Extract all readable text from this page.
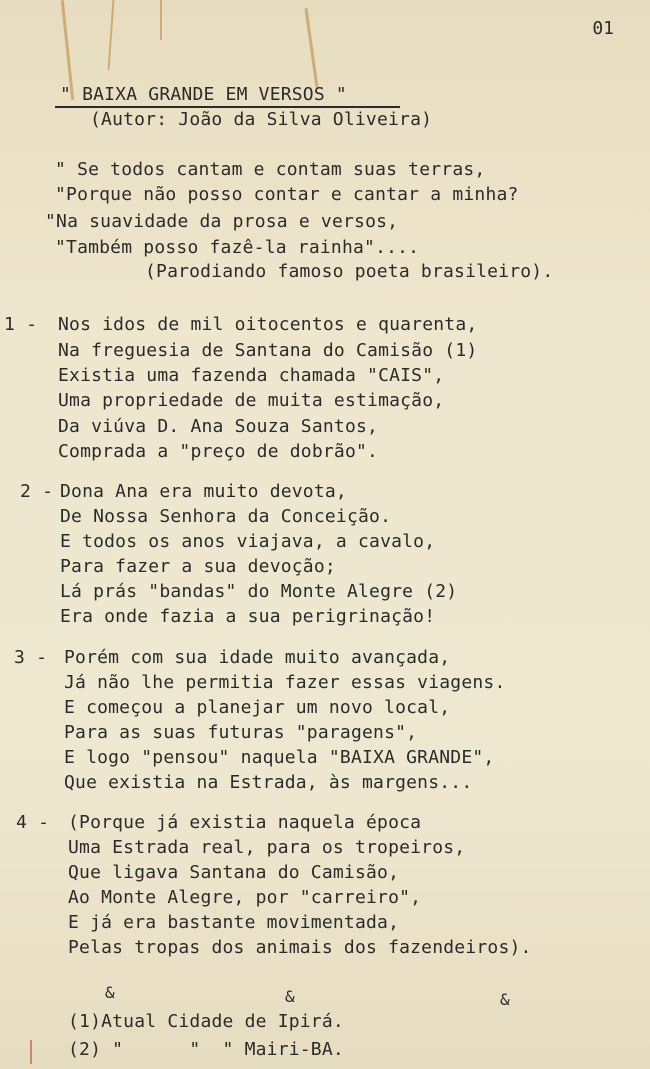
01
" BAIXA GRANDE EM VERSOS "
(Autor: João da Silva Oliveira)
" Se todos cantam e contam suas terras,
"Porque não posso contar e cantar a minha?
"Na suavidade da prosa e versos,
"Também posso fazê-la rainha"....
(Parodiando famoso poeta brasileiro).
1 - Nos idos de mil oitocentos e quarenta,
Na freguesia de Santana do Camisão (1)
Existia uma fazenda chamada "CAIS",
Uma propriedade de muita estimação,
Da viúva D. Ana Souza Santos,
Comprada a "preço de dobrão".
2 - Dona Ana era muito devota,
De Nossa Senhora da Conceição.
E todos os anos viajava, a cavalo,
Para fazer a sua devoção;
Lá prás "bandas" do Monte Alegre (2)
Era onde fazia a sua perigrinação!
3 - Porém com sua idade muito avançada,
Já não lhe permitia fazer essas viagens.
E começou a planejar um novo local,
Para as suas futuras "paragens",
E logo "pensou" naquela "BAIXA GRANDE",
Que existia na Estrada, às margens...
4 - (Porque já existia naquela época
Uma Estrada real, para os tropeiros,
Que ligava Santana do Camisão,
Ao Monte Alegre, por "carreiro",
E já era bastante movimentada,
Pelas tropas dos animais dos fazendeiros).
&	&	&
(1)Atual Cidade de Ipirá.
(2) "      "  " Mairi-BA.
